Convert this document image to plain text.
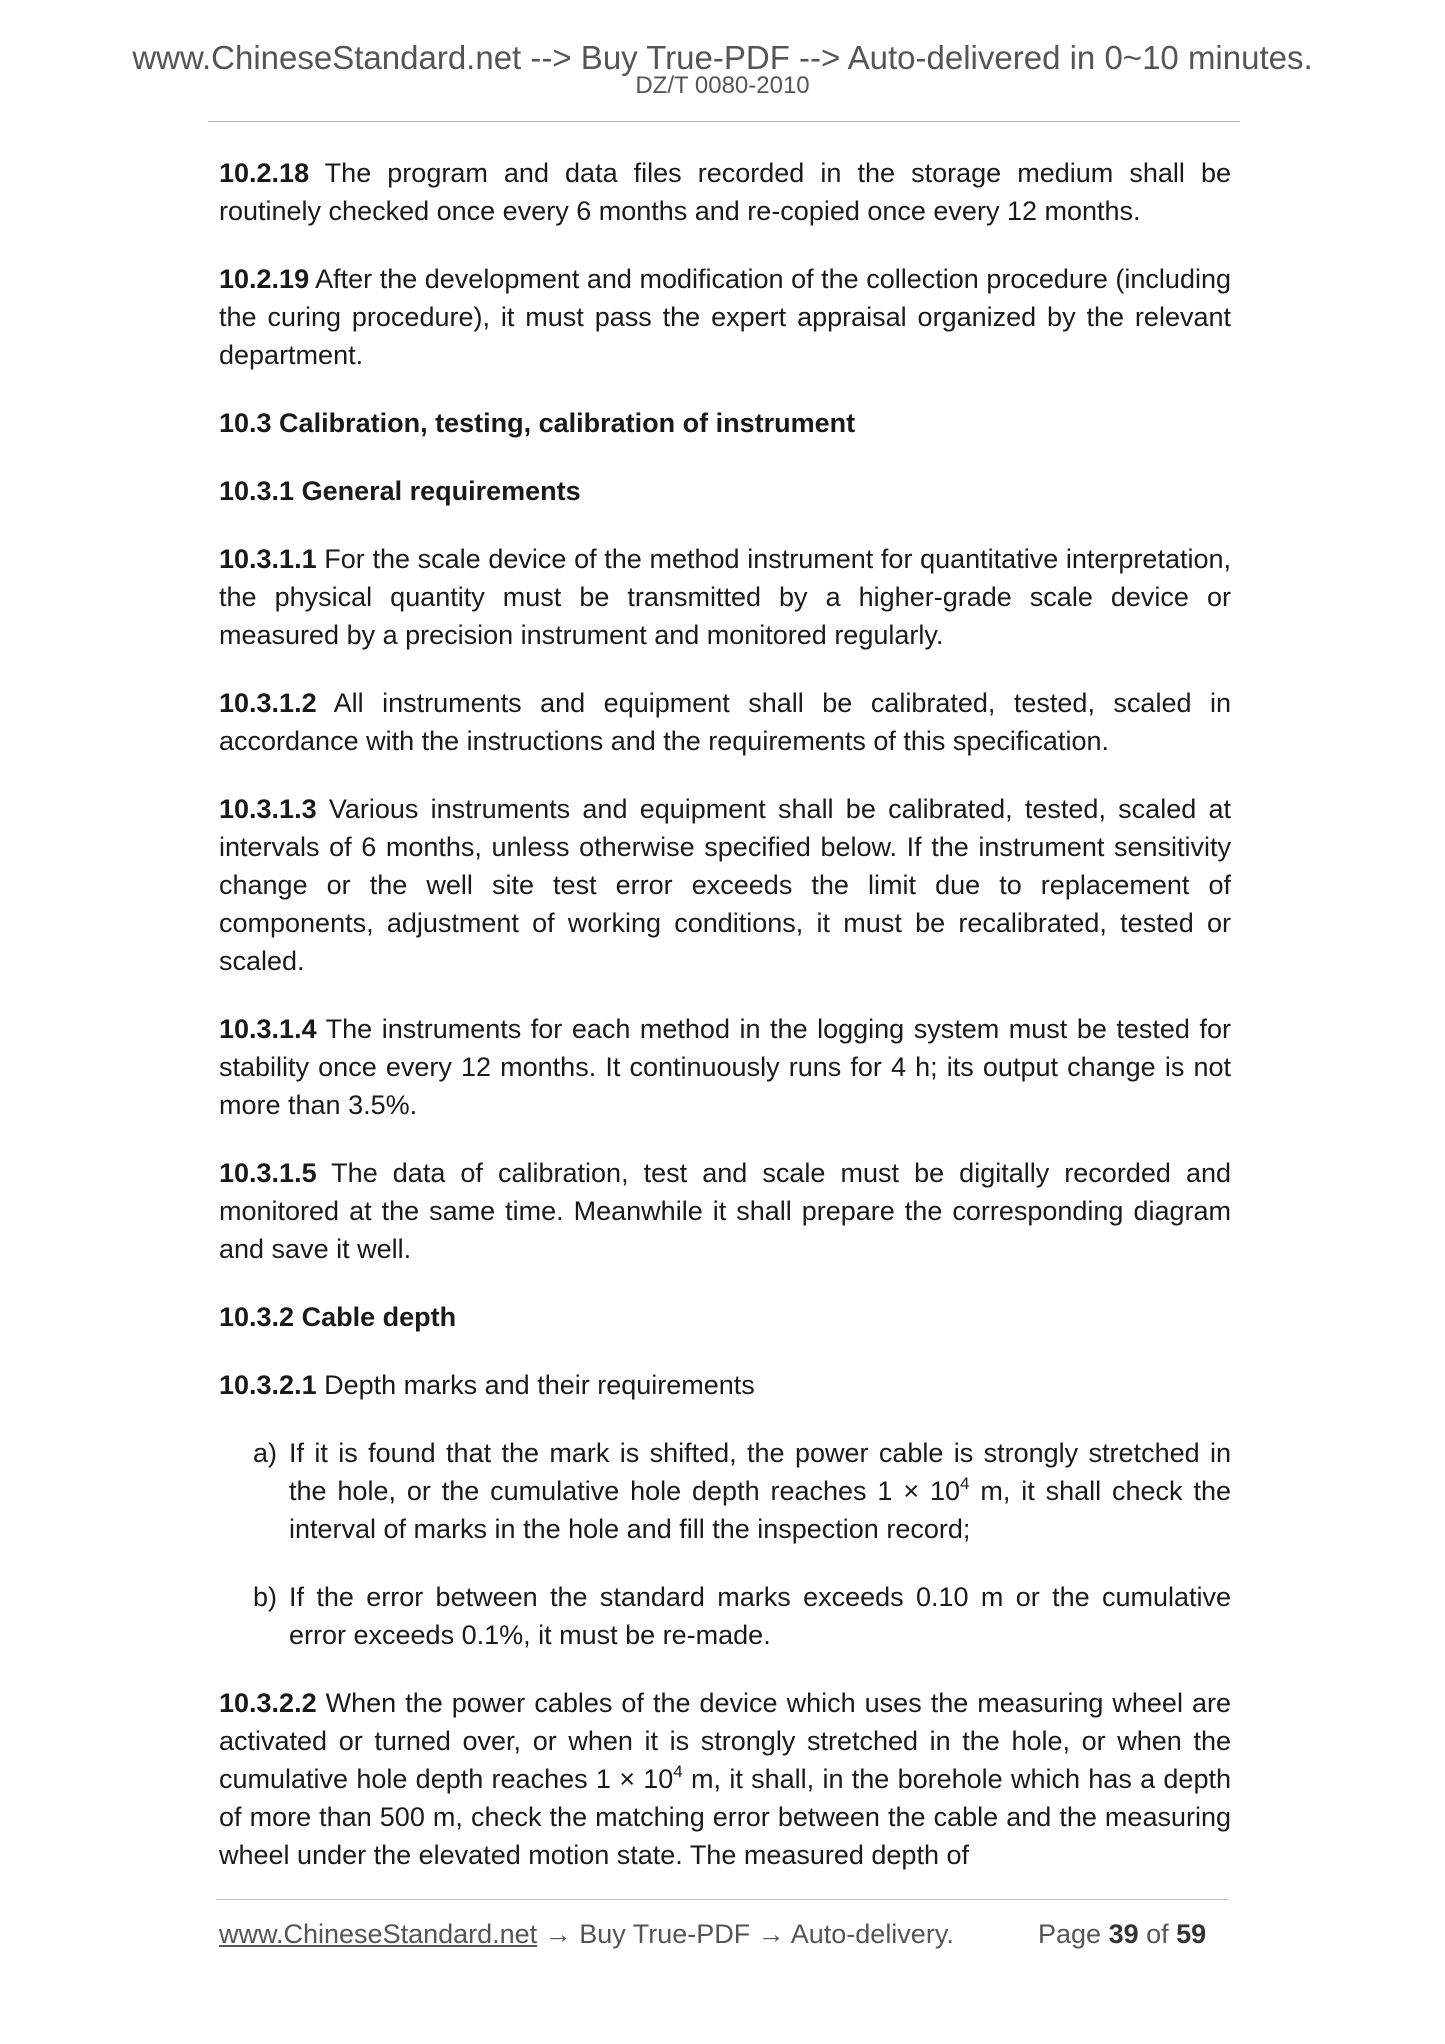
www.ChineseStandard.net --> Buy True-PDF --> Auto-delivered in 0~10 minutes.
DZ/T 0080-2010

10.2.18 The program and data files recorded in the storage medium shall be routinely checked once every 6 months and re-copied once every 12 months.

10.2.19 After the development and modification of the collection procedure (including the curing procedure), it must pass the expert appraisal organized by the relevant department.

10.3 Calibration, testing, calibration of instrument

10.3.1 General requirements

10.3.1.1 For the scale device of the method instrument for quantitative interpretation, the physical quantity must be transmitted by a higher-grade scale device or measured by a precision instrument and monitored regularly.

10.3.1.2 All instruments and equipment shall be calibrated, tested, scaled in accordance with the instructions and the requirements of this specification.

10.3.1.3 Various instruments and equipment shall be calibrated, tested, scaled at intervals of 6 months, unless otherwise specified below. If the instrument sensitivity change or the well site test error exceeds the limit due to replacement of components, adjustment of working conditions, it must be recalibrated, tested or scaled.

10.3.1.4 The instruments for each method in the logging system must be tested for stability once every 12 months. It continuously runs for 4 h; its output change is not more than 3.5%.

10.3.1.5 The data of calibration, test and scale must be digitally recorded and monitored at the same time. Meanwhile it shall prepare the corresponding diagram and save it well.

10.3.2 Cable depth

10.3.2.1 Depth marks and their requirements

a) If it is found that the mark is shifted, the power cable is strongly stretched in the hole, or the cumulative hole depth reaches $1 \times 10^4$ m, it shall check the interval of marks in the hole and fill the inspection record;

b) If the error between the standard marks exceeds 0.10 m or the cumulative error exceeds 0.1%, it must be re-made.

10.3.2.2 When the power cables of the device which uses the measuring wheel are activated or turned over, or when it is strongly stretched in the hole, or when the cumulative hole depth reaches $1 \times 10^4$ m, it shall, in the borehole which has a depth of more than 500 m, check the matching error between the cable and the measuring wheel under the elevated motion state. The measured depth of

www.ChineseStandard.net → Buy True-PDF → Auto-delivery.	Page 39 of 59
